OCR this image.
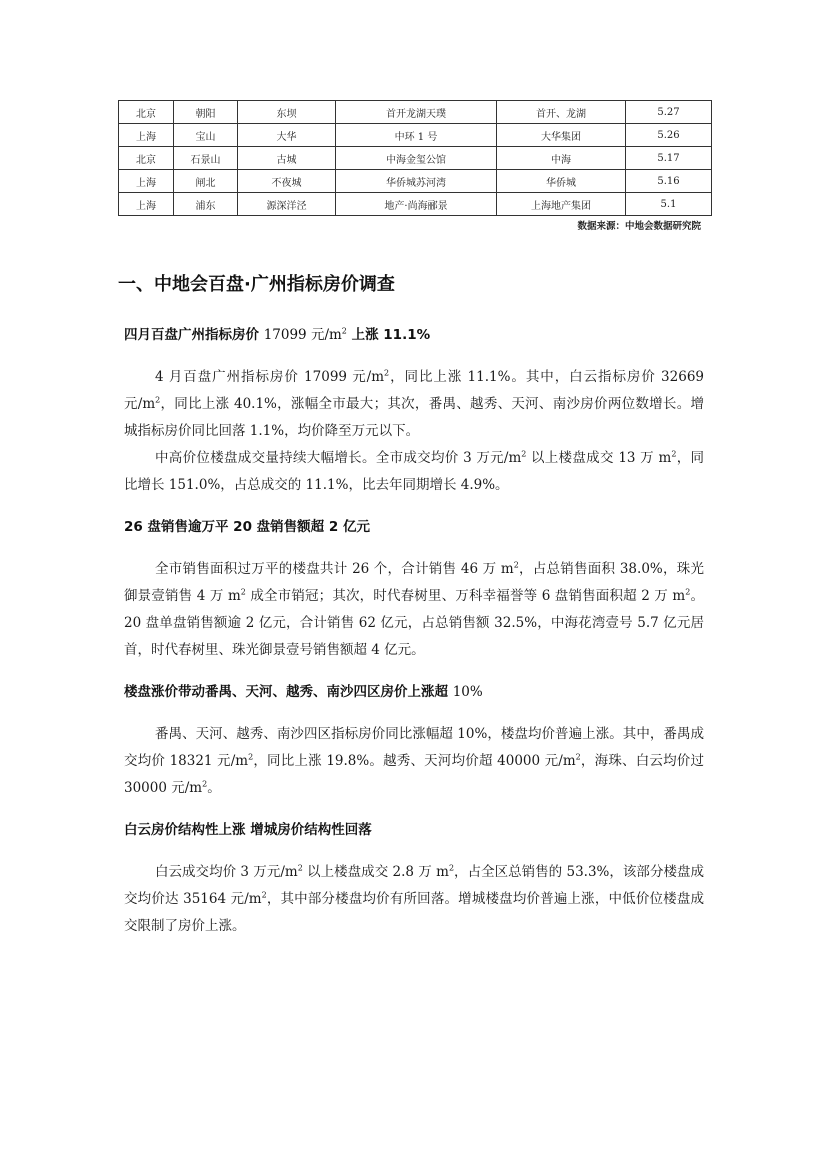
北京	朝阳	东坝	首开龙湖天璞	首开、龙湖	5.27
上海	宝山	大华	中环 1 号	大华集团	5.26
北京	石景山	古城	中海金玺公馆	中海	5.17
上海	闸北	不夜城	华侨城苏河湾	华侨城	5.16
上海	浦东	源深洋泾	地产·尚海郦景	上海地产集团	5.1
数据来源：中地会数据研究院
一、中地会百盘·广州指标房价调查
四月百盘广州指标房价 17099 元$/m^2$ 上涨 11.1%

4 月百盘广州指标房价 17099 元$/m^2$，同比上涨 11.1%。其中，白云指标房价 32669 元$/m^2$，同比上涨 40.1%，涨幅全市最大；其次，番禺、越秀、天河、南沙房价两位数增长。增城指标房价同比回落 1.1%，均价降至万元以下。

中高价位楼盘成交量持续大幅增长。全市成交均价 3 万元$/m^2$ 以上楼盘成交 13 万 $m^2$，同比增长 151.0%，占总成交的 11.1%，比去年同期增长 4.9%。

26 盘销售逾万平 20 盘销售额超 2 亿元

全市销售面积过万平的楼盘共计 26 个，合计销售 46 万 $m^2$，占总销售面积 38.0%，珠光御景壹销售 4 万 $m^2$ 成全市销冠；其次，时代春树里、万科幸福誉等 6 盘销售面积超 2 万 $m^2$。20 盘单盘销售额逾 2 亿元，合计销售 62 亿元，占总销售额 32.5%，中海花湾壹号 5.7 亿元居首，时代春树里、珠光御景壹号销售额超 4 亿元。

楼盘涨价带动番禺、天河、越秀、南沙四区房价上涨超 10%

番禺、天河、越秀、南沙四区指标房价同比涨幅超 10%，楼盘均价普遍上涨。其中，番禺成交均价 18321 元$/m^2$，同比上涨 19.8%。越秀、天河均价超 40000 元$/m^2$，海珠、白云均价过 30000 元$/m^2$。

白云房价结构性上涨 增城房价结构性回落

白云成交均价 3 万元$/m^2$ 以上楼盘成交 2.8 万 $m^2$，占全区总销售的 53.3%，该部分楼盘成交均价达 35164 元$/m^2$，其中部分楼盘均价有所回落。增城楼盘均价普遍上涨，中低价位楼盘成交限制了房价上涨。
